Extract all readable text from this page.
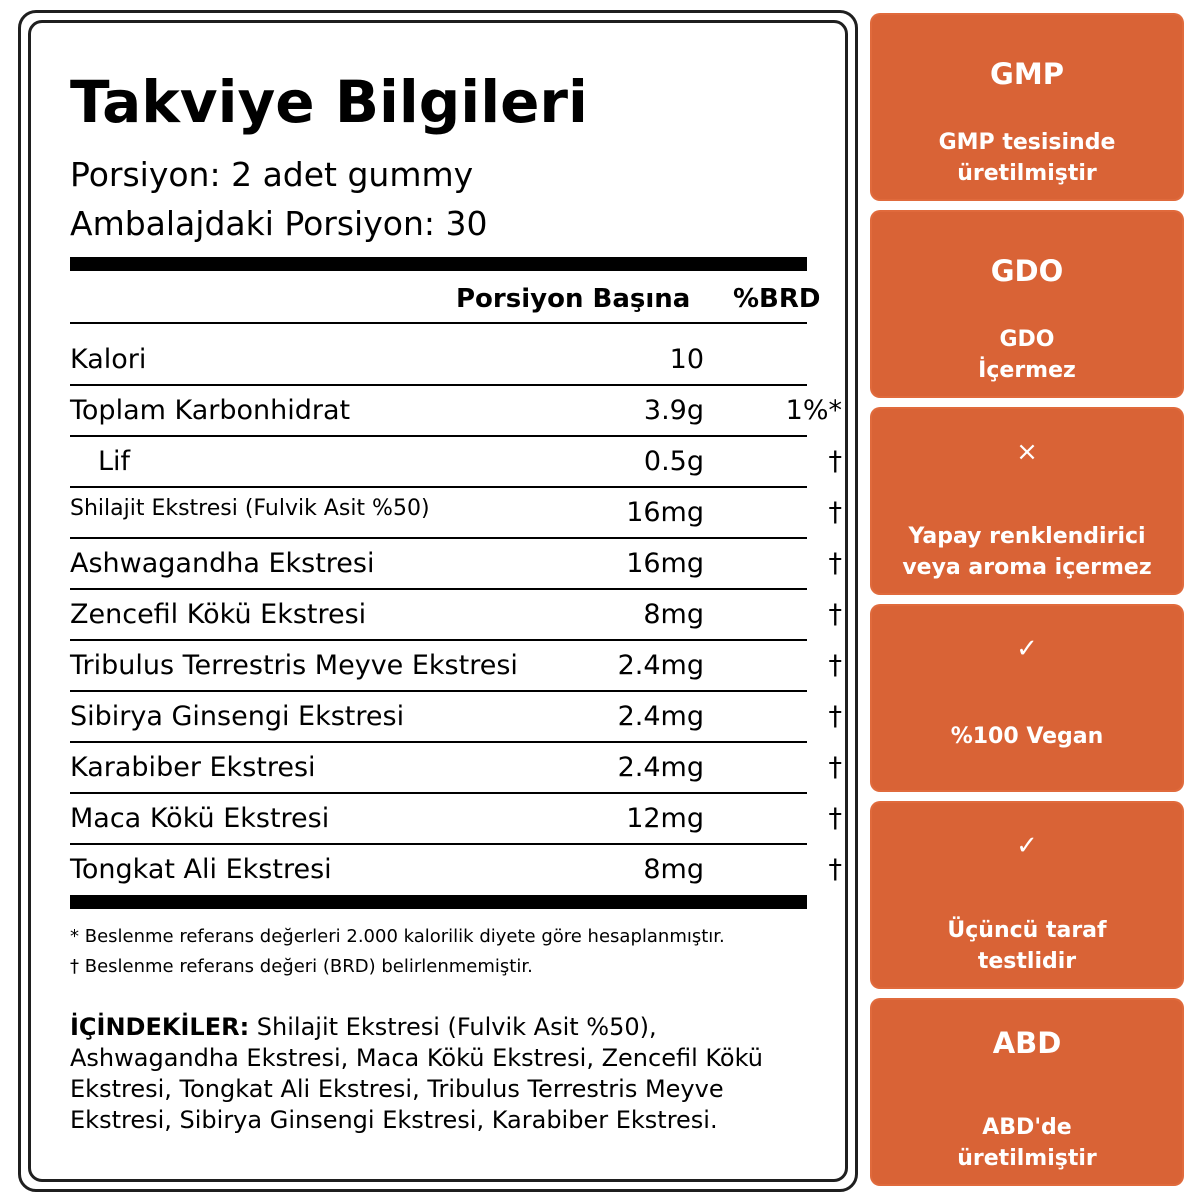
Takviye Bilgileri
Porsiyon: 2 adet gummy
Ambalajdaki Porsiyon: 30
Porsiyon Başına %BRD
Kalori	10
Toplam Karbonhidrat	3.9g	1%*
Lif	0.5g	†
Shilajit Ekstresi (Fulvik Asit %50)	16mg	†
Ashwagandha Ekstresi	16mg	†
Zencefil Kökü Ekstresi	8mg	†
Tribulus Terrestris Meyve Ekstresi	2.4mg	†
Sibirya Ginsengi Ekstresi	2.4mg	†
Karabiber Ekstresi	2.4mg	†
Maca Kökü Ekstresi	12mg	†
Tongkat Ali Ekstresi	8mg	†
* Beslenme referans değerleri 2.000 kalorilik diyete göre hesaplanmıştır.
† Beslenme referans değeri (BRD) belirlenmemiştir.
İÇİNDEKİLER: Shilajit Ekstresi (Fulvik Asit %50), Ashwagandha Ekstresi, Maca Kökü Ekstresi, Zencefil Kökü Ekstresi, Tongkat Ali Ekstresi, Tribulus Terrestris Meyve Ekstresi, Sibirya Ginsengi Ekstresi, Karabiber Ekstresi.
GMP
GMP tesisinde
üretilmiştir
GDO
GDO
İçermez
×
Yapay renklendirici
veya aroma içermez
✓
%100 Vegan
✓
Üçüncü taraf
testlidir
ABD
ABD'de
üretilmiştir
